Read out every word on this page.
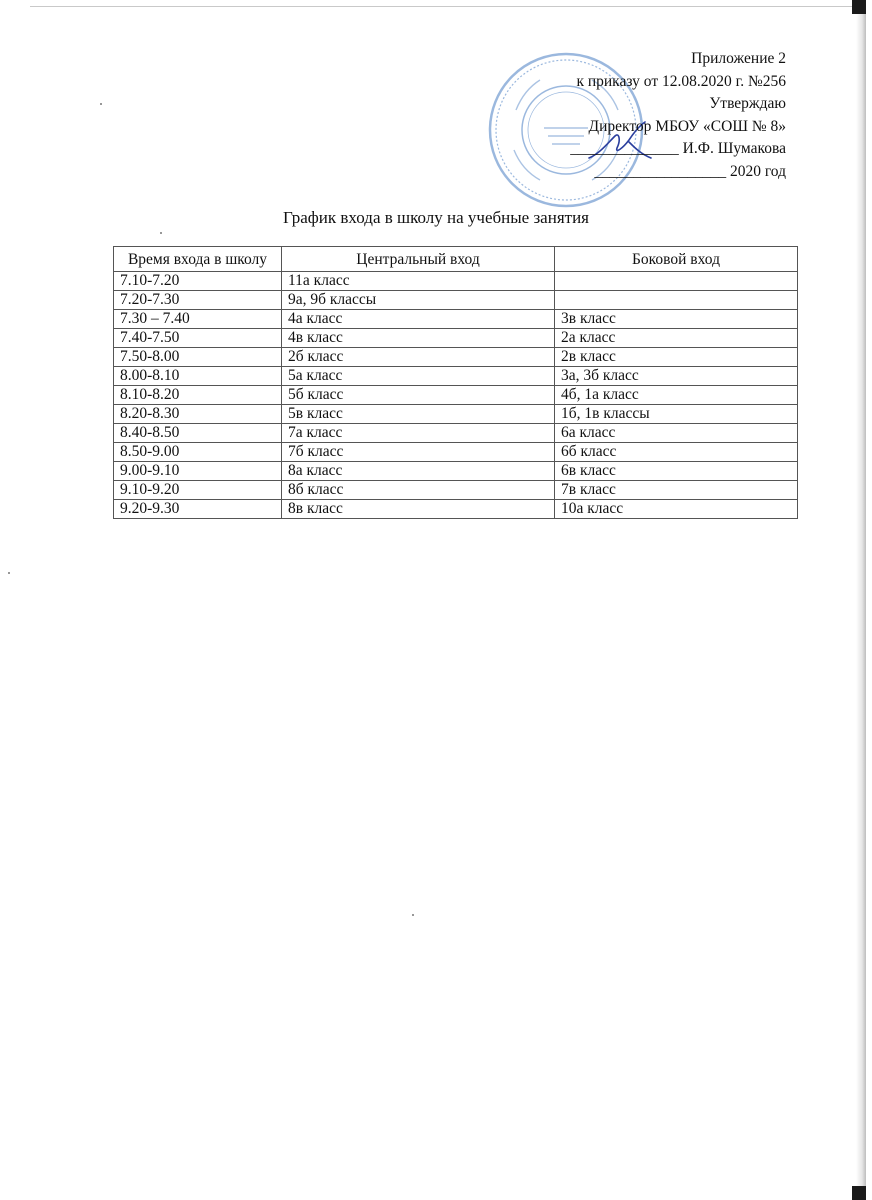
Приложение 2
к приказу от 12.08.2020 г. №256
Утверждаю
Директор МБОУ «СОШ № 8»
______________ И.Ф. Шумакова
_________________ 2020 год
График входа в школу на учебные занятия
Время входа в школу	Центральный вход	Боковой вход
7.10-7.20	11а класс	
7.20-7.30	9а, 9б классы	
7.30 – 7.40	4а класс	3в класс
7.40-7.50	4в класс	2а класс
7.50-8.00	2б класс	2в класс
8.00-8.10	5а класс	3а, 3б класс
8.10-8.20	5б класс	4б, 1а класс
8.20-8.30	5в класс	1б, 1в классы
8.40-8.50	7а класс	6а класс
8.50-9.00	7б класс	6б класс
9.00-9.10	8а класс	6в класс
9.10-9.20	8б класс	7в класс
9.20-9.30	8в класс	10а класс
